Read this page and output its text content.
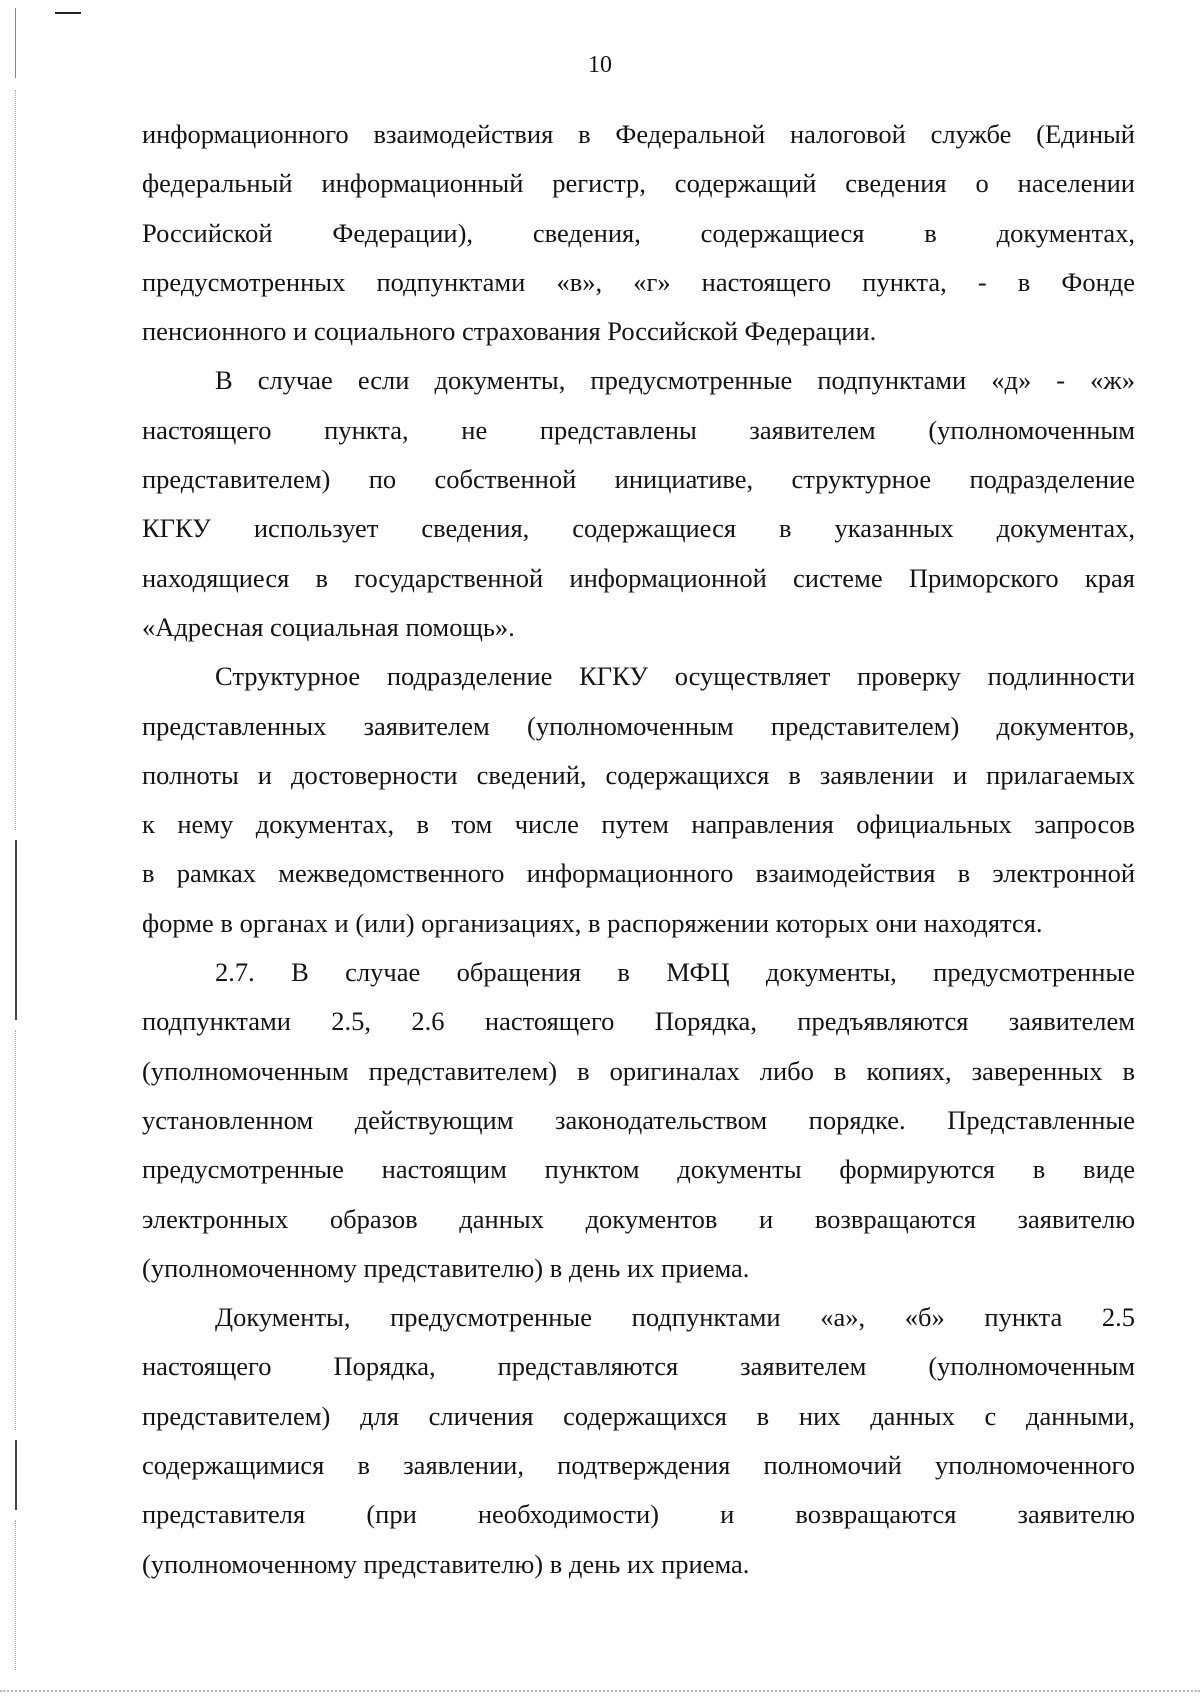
10
информационного взаимодействия в Федеральной налоговой службе (Единый
федеральный информационный регистр, содержащий сведения о населении
Российской Федерации), сведения, содержащиеся в документах,
предусмотренных подпунктами «в», «г» настоящего пункта, - в Фонде
пенсионного и социального страхования Российской Федерации.
В случае если документы, предусмотренные подпунктами «д» - «ж»
настоящего пункта, не представлены заявителем (уполномоченным
представителем) по собственной инициативе, структурное подразделение
КГКУ использует сведения, содержащиеся в указанных документах,
находящиеся в государственной информационной системе Приморского края
«Адресная социальная помощь».
Структурное подразделение КГКУ осуществляет проверку подлинности
представленных заявителем (уполномоченным представителем) документов,
полноты и достоверности сведений, содержащихся в заявлении и прилагаемых
к нему документах, в том числе путем направления официальных запросов
в рамках межведомственного информационного взаимодействия в электронной
форме в органах и (или) организациях, в распоряжении которых они находятся.
2.7. В случае обращения в МФЦ документы, предусмотренные
подпунктами 2.5, 2.6 настоящего Порядка, предъявляются заявителем
(уполномоченным представителем) в оригиналах либо в копиях, заверенных в
установленном действующим законодательством порядке. Представленные
предусмотренные настоящим пунктом документы формируются в виде
электронных образов данных документов и возвращаются заявителю
(уполномоченному представителю) в день их приема.
Документы, предусмотренные подпунктами «а», «б» пункта 2.5
настоящего Порядка, представляются заявителем (уполномоченным
представителем) для сличения содержащихся в них данных с данными,
содержащимися в заявлении, подтверждения полномочий уполномоченного
представителя (при необходимости) и возвращаются заявителю
(уполномоченному представителю) в день их приема.
